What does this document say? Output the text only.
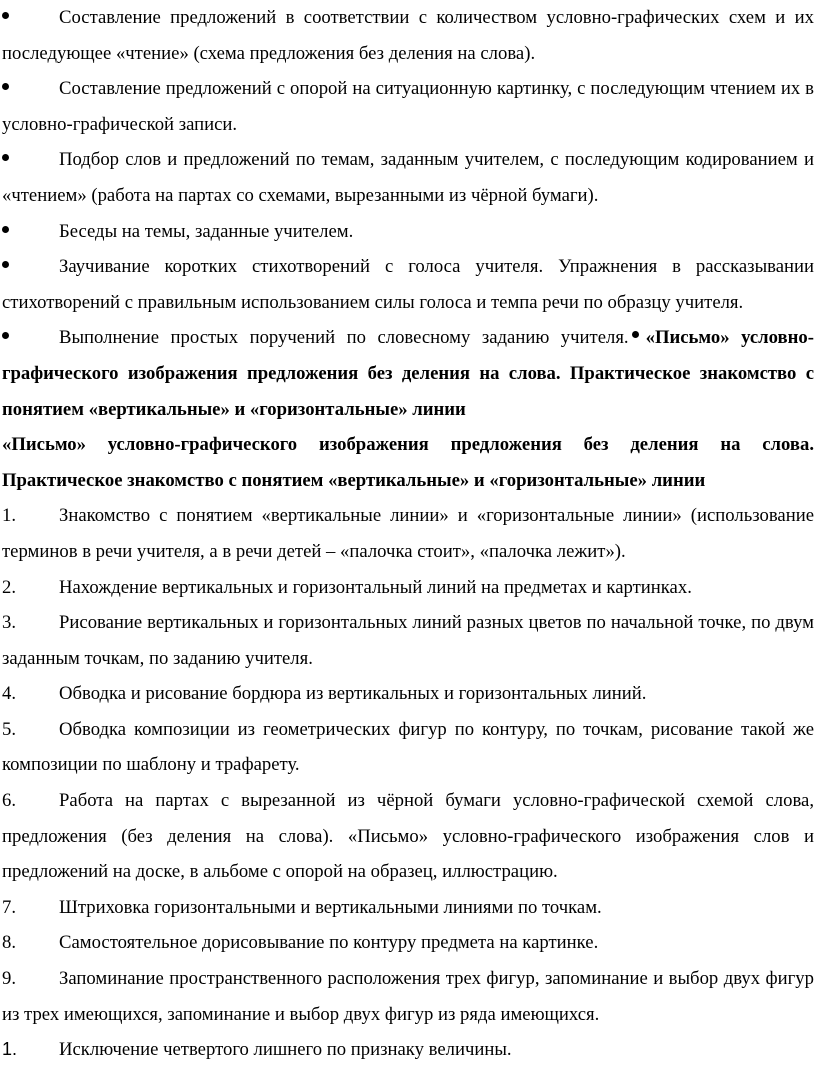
Составление предложений в соответствии с количеством условно-графических схем и их последующее «чтение» (схема предложения без деления на слова).

Составление предложений с опорой на ситуационную картинку, с последующим чтением их в условно-графической записи.

Подбор слов и предложений по темам, заданным учителем, с последующим кодированием и «чтением» (работа на партах со схемами, вырезанными из чёрной бумаги).

Беседы на темы, заданные учителем.

Заучивание коротких стихотворений с голоса учителя. Упражнения в рассказывании стихотворений с правильным использованием силы голоса и темпа речи по образцу учителя.

Выполнение простых поручений по словесному заданию учителя. «Письмо» условно-графического изображения предложения без деления на слова. Практическое знакомство с понятием «вертикальные» и «горизонтальные» линии

«Письмо» условно-графического изображения предложения без деления на слова. Практическое знакомство с понятием «вертикальные» и «горизонтальные» линии

1. Знакомство с понятием «вертикальные линии» и «горизонтальные линии» (использование терминов в речи учителя, а в речи детей – «палочка стоит», «палочка лежит»).

2. Нахождение вертикальных и горизонтальный линий на предметах и картинках.

3. Рисование вертикальных и горизонтальных линий разных цветов по начальной точке, по двум заданным точкам, по заданию учителя.

4. Обводка и рисование бордюра из вертикальных и горизонтальных линий.

5. Обводка композиции из геометрических фигур по контуру, по точкам, рисование такой же композиции по шаблону и трафарету.

6. Работа на партах с вырезанной из чёрной бумаги условно-графической схемой слова, предложения (без деления на слова). «Письмо» условно-графического изображения слов и предложений на доске, в альбоме с опорой на образец, иллюстрацию.

7. Штриховка горизонтальными и вертикальными линиями по точкам.

8. Самостоятельное дорисовывание по контуру предмета на картинке.

9. Запоминание пространственного расположения трех фигур, запоминание и выбор двух фигур из трех имеющихся, запоминание и выбор двух фигур из ряда имеющихся.

1. Исключение четвертого лишнего по признаку величины.
